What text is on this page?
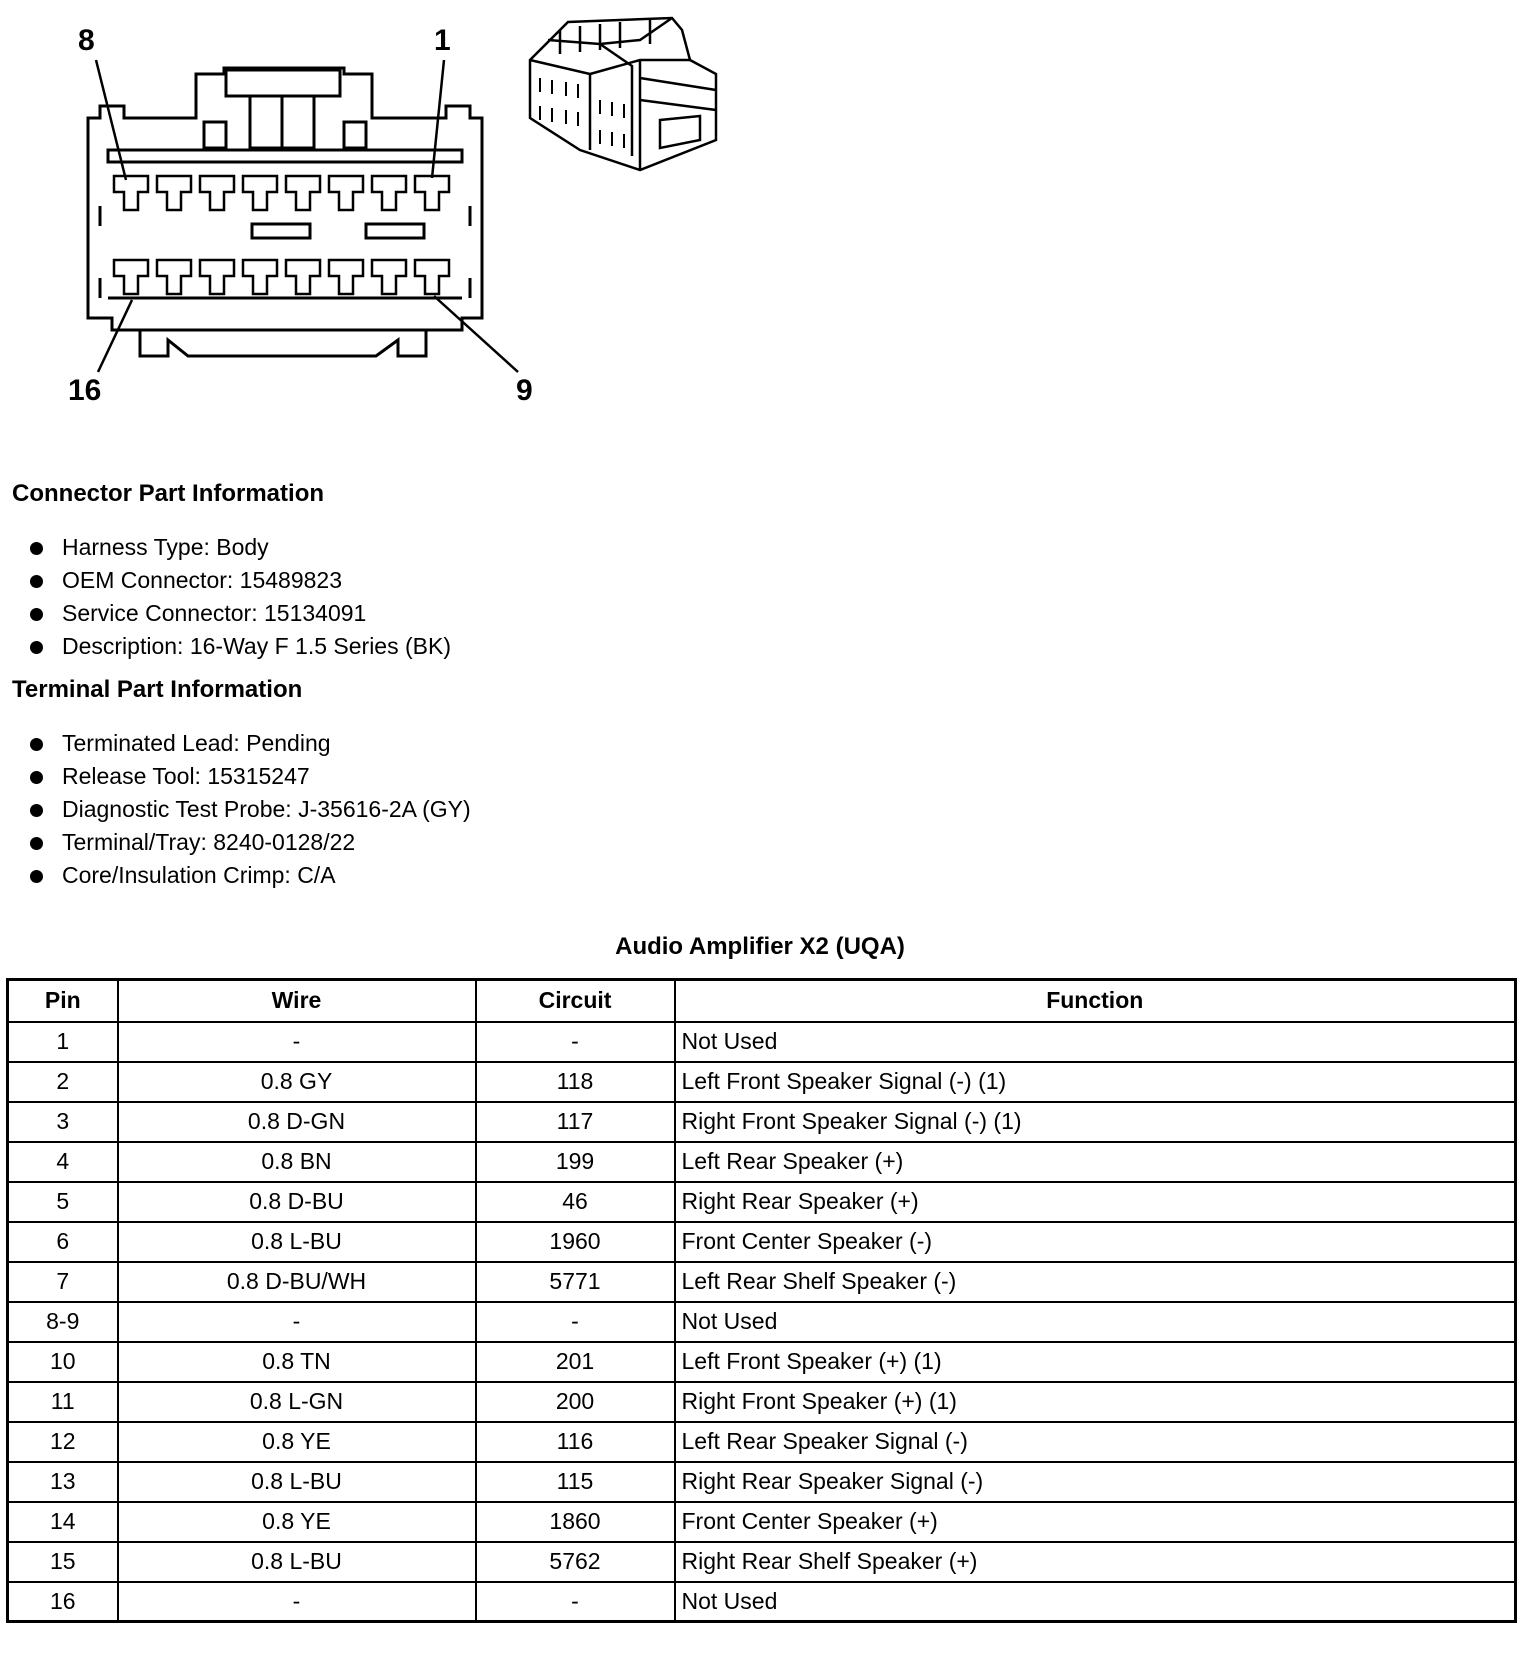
8	1
16	9
Connector Part Information
Harness Type: Body
OEM Connector: 15489823
Service Connector: 15134091
Description: 16-Way F 1.5 Series (BK)
Terminal Part Information
Terminated Lead: Pending
Release Tool: 15315247
Diagnostic Test Probe: J-35616-2A (GY)
Terminal/Tray: 8240-0128/22
Core/Insulation Crimp: C/A
Audio Amplifier X2 (UQA)
Pin	Wire	Circuit	Function
1	-	-	Not Used
2	0.8 GY	118	Left Front Speaker Signal (-) (1)
3	0.8 D-GN	117	Right Front Speaker Signal (-) (1)
4	0.8 BN	199	Left Rear Speaker (+)
5	0.8 D-BU	46	Right Rear Speaker (+)
6	0.8 L-BU	1960	Front Center Speaker (-)
7	0.8 D-BU/WH	5771	Left Rear Shelf Speaker (-)
8-9	-	-	Not Used
10	0.8 TN	201	Left Front Speaker (+) (1)
11	0.8 L-GN	200	Right Front Speaker (+) (1)
12	0.8 YE	116	Left Rear Speaker Signal (-)
13	0.8 L-BU	115	Right Rear Speaker Signal (-)
14	0.8 YE	1860	Front Center Speaker (+)
15	0.8 L-BU	5762	Right Rear Shelf Speaker (+)
16	-	-	Not Used
